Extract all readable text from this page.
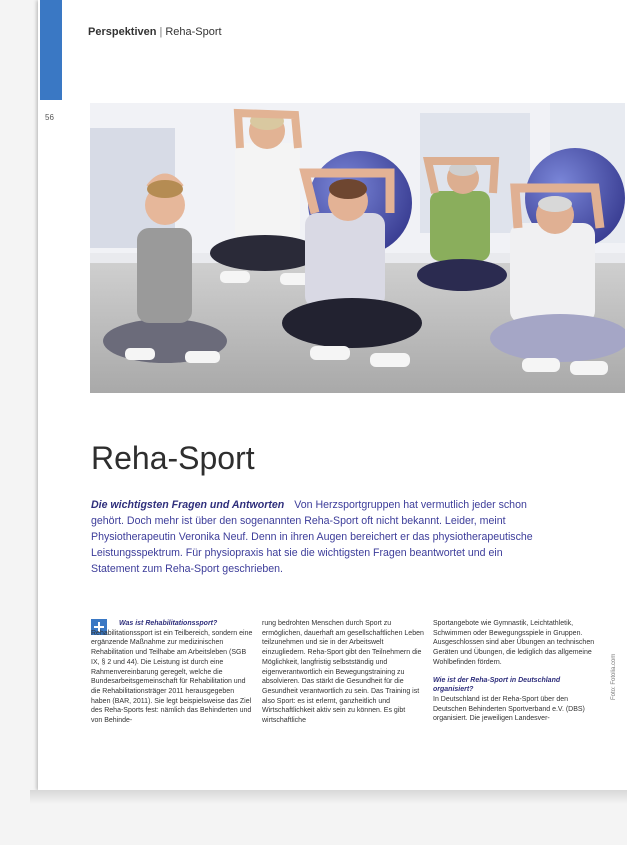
56
Perspektiven | Reha-Sport
Reha-Sport
Die wichtigsten Fragen und Antworten Von Herzsportgruppen hat vermutlich jeder schon gehört. Doch mehr ist über den sogenannten Reha-Sport oft nicht bekannt. Leider, meint Physiotherapeutin Veronika Neuf. Denn in ihren Augen bereichert er das physiotherapeutische Leistungsspektrum. Für physiopraxis hat sie die wichtigsten Fragen beantwortet und ein Statement zum Reha-Sport geschrieben.

Was ist Rehabilitationssport?

Rehabilitationssport ist ein Teilbereich, sondern eine ergänzende Maßnahme zur medizinischen Rehabilitation und Teilhabe am Arbeitsleben (SGB IX, § 2 und 44). Die Leistung ist durch eine Rahmenvereinbarung geregelt, welche die Bundesarbeitsgemeinschaft für Rehabilitation und die Rehabilitationsträger 2011 herausgegeben haben (BAR, 2011). Sie legt beispielsweise das Ziel des Reha-Sports fest: nämlich das Behinderten und von Behinde-

rung bedrohten Menschen durch Sport zu ermöglichen, dauerhaft am gesellschaftlichen Leben teilzunehmen und sie in der Arbeitswelt einzugliedern. Reha-Sport gibt den Teilnehmern die Möglichkeit, langfristig selbstständig und eigenverantwortlich ein Bewegungstraining zu absolvieren. Das stärkt die Gesundheit für die Gesundheit verantwortlich zu sein. Das Training ist also Sport: es ist erlernt, ganzheitlich und Wirtschaftlichkeit aktiv sein zu können. Es gibt wirtschaftliche

Sportangebote wie Gymnastik, Leichtathletik, Schwimmen oder Bewegungsspiele in Gruppen. Ausgeschlossen sind aber Übungen an technischen Geräten und Übungen, die lediglich das allgemeine Wohlbefinden fördern.

Wie ist der Reha-Sport in Deutschland organisiert?

In Deutschland ist der Reha-Sport über den Deutschen Behinderten Sportverband e.V. (DBS) organisiert. Die jeweiligen Landesver-

Foto: Fotolia.com
